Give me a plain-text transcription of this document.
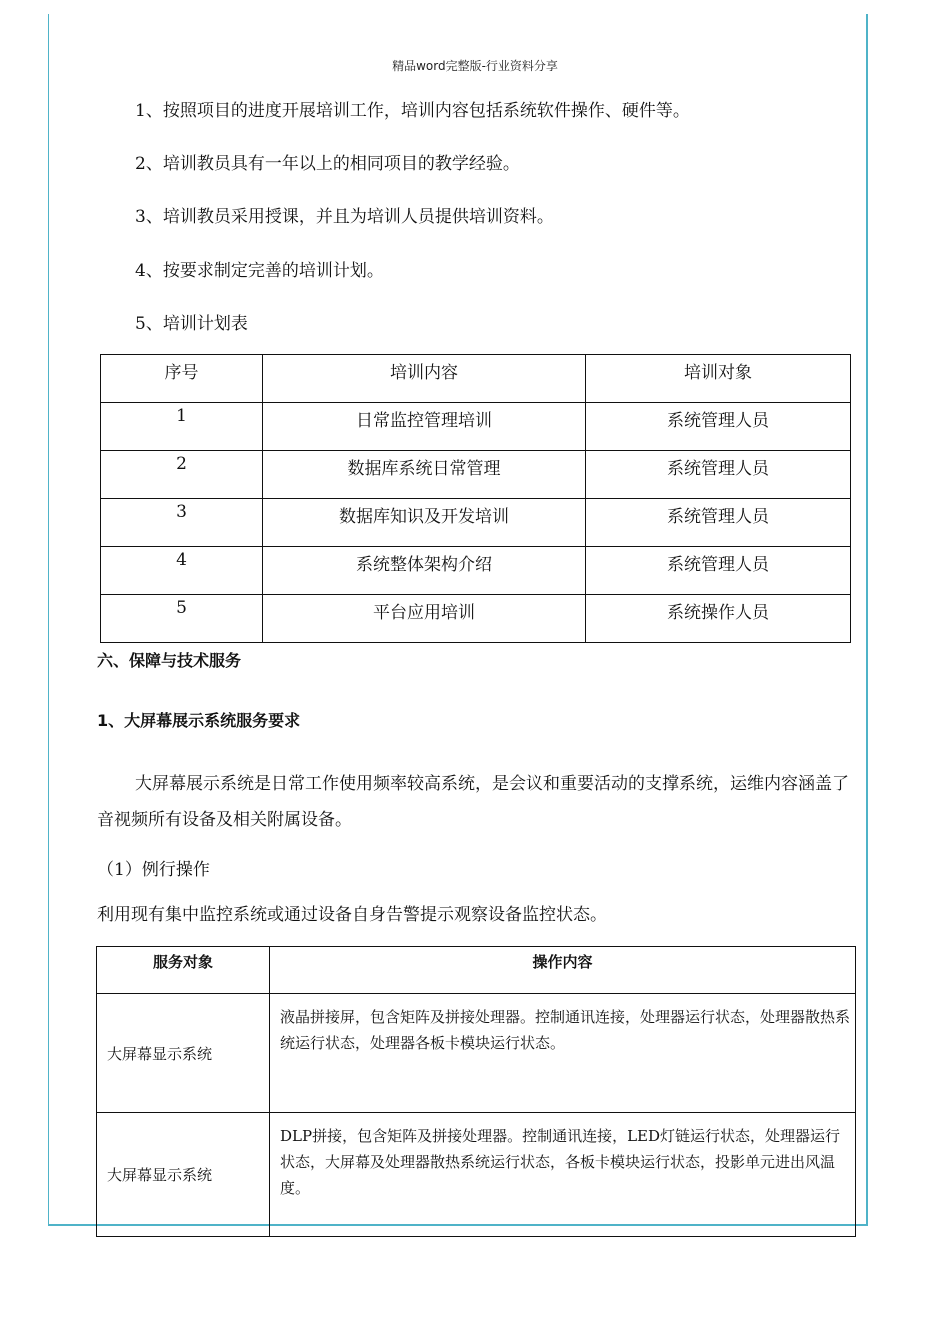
精品word完整版-行业资料分享
1、按照项目的进度开展培训工作，培训内容包括系统软件操作、硬件等。
2、培训教员具有一年以上的相同项目的教学经验。
3、培训教员采用授课，并且为培训人员提供培训资料。
4、按要求制定完善的培训计划。
5、培训计划表
序号	培训内容	培训对象
1	日常监控管理培训	系统管理人员
2	数据库系统日常管理	系统管理人员
3	数据库知识及开发培训	系统管理人员
4	系统整体架构介绍	系统管理人员
5	平台应用培训	系统操作人员
六、保障与技术服务
1、大屏幕展示系统服务要求
大屏幕展示系统是日常工作使用频率较高系统，是会议和重要活动的支撑系统，运维内容涵盖了音视频所有设备及相关附属设备。
（1）例行操作
利用现有集中监控系统或通过设备自身告警提示观察设备监控状态。
服务对象	操作内容
大屏幕显示系统	液晶拼接屏，包含矩阵及拼接处理器。控制通讯连接，处理器运行状态，处理器散热系统运行状态，处理器各板卡模块运行状态。
大屏幕显示系统	DLP拼接，包含矩阵及拼接处理器。控制通讯连接，LED灯链运行状态，处理器运行状态，大屏幕及处理器散热系统运行状态，各板卡模块运行状态，投影单元进出风温度。
